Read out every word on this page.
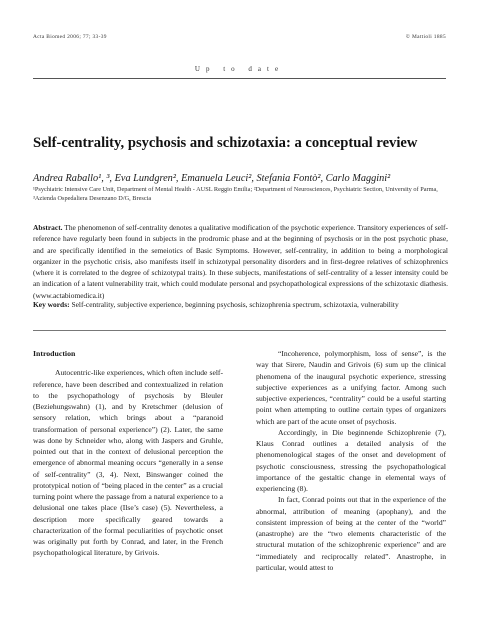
Acta Biomed 2006; 77; 33-39	© Mattioli 1885
Up to date
Self-centrality, psychosis and schizotaxia: a conceptual review
Andrea Raballo¹, ³, Eva Lundgren², Emanuela Leuci², Stefania Fontò², Carlo Maggini²
¹Psychiatric Intensive Care Unit, Department of Mental Health - AUSL Reggio Emilia; ²Department of Neurosciences, Psychiatric Section, University of Parma, ³Azienda Ospedaliera Desenzano D/G, Brescia
Abstract. The phenomenon of self-centrality denotes a qualitative modification of the psychotic experience. Transitory experiences of self-reference have regularly been found in subjects in the prodromic phase and at the beginning of psychosis or in the post psychotic phase, and are specifically identified in the semeiotics of Basic Symptoms. However, self-centrality, in addition to being a morphological organizer in the psychotic crisis, also manifests itself in schizotypal personality disorders and in first-degree relatives of schizophrenics (where it is correlated to the degree of schizotypal traits). In these subjects, manifestations of self-centrality of a lesser intensity could be an indication of a latent vulnerability trait, which could modulate personal and psychopathological expressions of the schizotaxic diathesis. (www.actabiomedica.it)
Key words: Self-centrality, subjective experience, beginning psychosis, schizophrenia spectrum, schizotaxia, vulnerability
Introduction

Autocentric-like experiences, which often include self-reference, have been described and contextualized in relation to the psychopathology of psychosis by Bleuler (Beziehungswahn) (1), and by Kretschmer (delusion of sensory relation, which brings about a “paranoid transformation of personal experience”) (2). Later, the same was done by Schneider who, along with Jaspers and Gruhle, pointed out that in the context of delusional perception the emergence of abnormal meaning occurs “generally in a sense of self-centrality” (3, 4). Next, Binswanger coined the prototypical notion of “being placed in the center” as a crucial turning point where the passage from a natural experience to a delusional one takes place (Ilse’s case) (5). Nevertheless, a description more specifically geared towards a characterization of the formal peculiarities of psychotic onset was originally put forth by Conrad, and later, in the French psychopathological literature, by Grivois.

“Incoherence, polymorphism, loss of sense”, is the way that Sirere, Naudin and Grivois (6) sum up the clinical phenomena of the inaugural psychotic experience, stressing subjective experiences as a unifying factor. Among such subjective experiences, “centrality” could be a useful starting point when attempting to outline certain types of organizers which are part of the acute onset of psychosis.

Accordingly, in Die beginnende Schizophrenie (7), Klaus Conrad outlines a detailed analysis of the phenomenological stages of the onset and development of psychotic consciousness, stressing the psychopathological importance of the gestaltic change in elemental ways of experiencing (8).

In fact, Conrad points out that in the experience of the abnormal, attribution of meaning (apophany), and the consistent impression of being at the center of the “world” (anastrophe) are the “two elements characteristic of the structural mutation of the schizophrenic experience” and are “immediately and reciprocally related”. Anastrophe, in particular, would attest to
